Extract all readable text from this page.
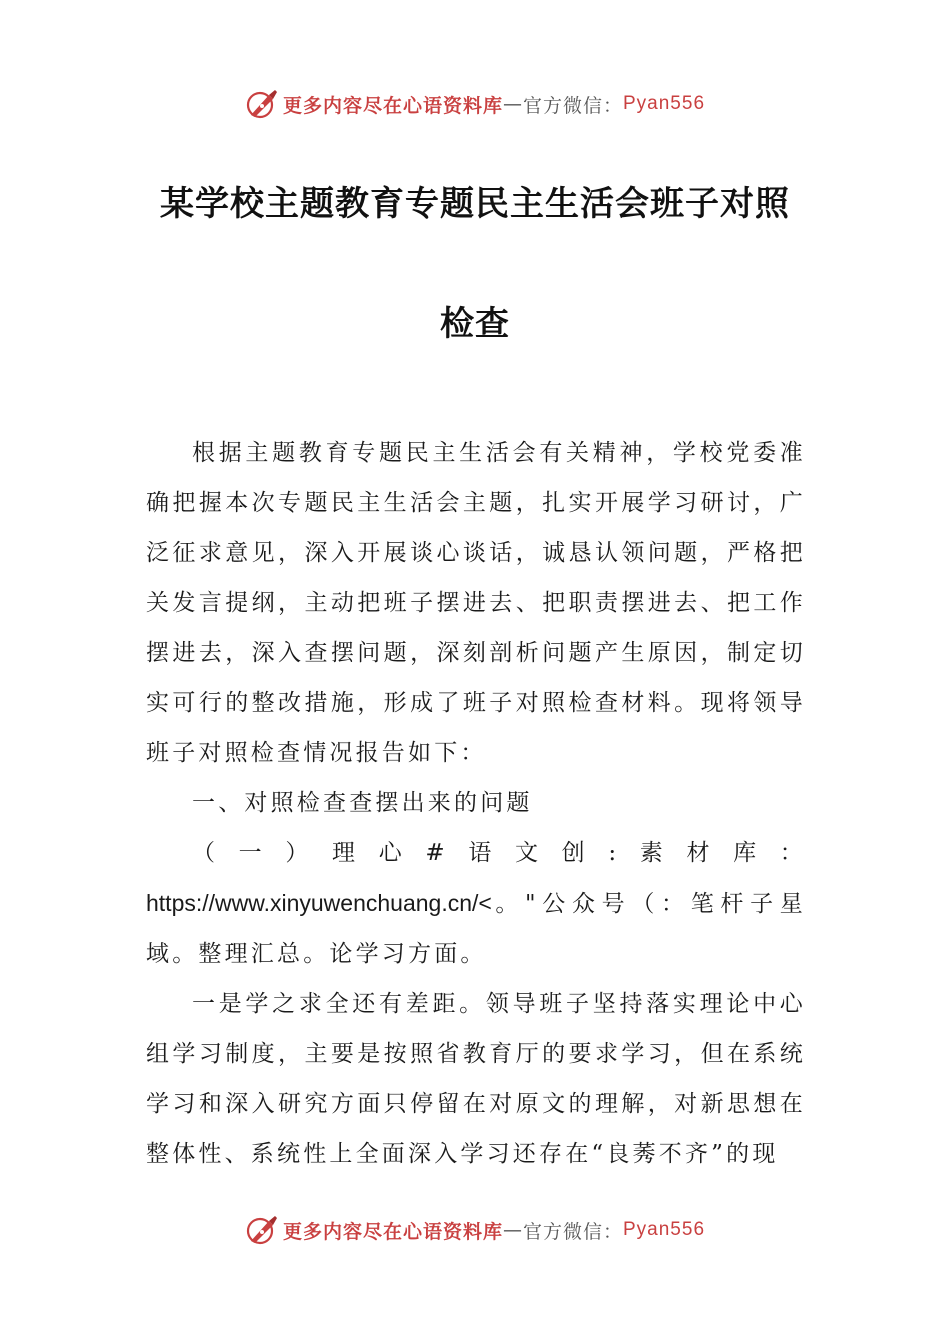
更多内容尽在心语资料库 — 官方微信： Pyan556
某学校主题教育专题民主生活会班子对照
检查

根据主题教育专题民主生活会有关精神，学校党委准确把握本次专题民主生活会主题，扎实开展学习研讨，广泛征求意见，深入开展谈心谈话，诚恳认领问题，严格把关发言提纲，主动把班子摆进去、把职责摆进去、把工作摆进去，深入查摆问题，深刻剖析问题产生原因，制定切实可行的整改措施，形成了班子对照检查材料。现将领导班子对照检查情况报告如下：

一、对照检查查摆出来的问题

（一）理心#语文创:素材库：https://www.xinyuwenchuang.cn/<。"公众号（：笔杆子星域。整理汇总。论学习方面。

一是学之求全还有差距。领导班子坚持落实理论中心组学习制度，主要是按照省教育厅的要求学习，但在系统学习和深入研究方面只停留在对原文的理解，对新思想在整体性、系统性上全面深入学习还存在“良莠不齐”的现

更多内容尽在心语资料库 — 官方微信： Pyan556
